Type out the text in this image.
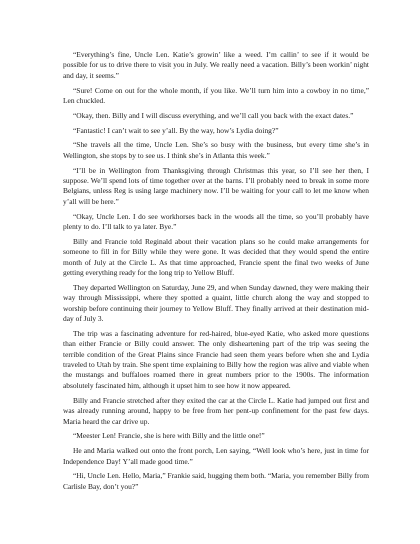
“Everything’s fine, Uncle Len. Katie’s growin’ like a weed. I’m callin’ to see if it would be possible for us to drive there to visit you in July. We really need a vacation. Billy’s been workin’ night and day, it seems.”

“Sure! Come on out for the whole month, if you like. We’ll turn him into a cowboy in no time,” Len chuckled.

“Okay, then. Billy and I will discuss everything, and we’ll call you back with the exact dates.”

“Fantastic! I can’t wait to see y’all. By the way, how’s Lydia doing?”

“She travels all the time, Uncle Len. She’s so busy with the business, but every time she’s in Wellington, she stops by to see us. I think she’s in Atlanta this week.”

“I’ll be in Wellington from Thanksgiving through Christmas this year, so I’ll see her then, I suppose. We’ll spend lots of time together over at the barns. I’ll probably need to break in some more Belgians, unless Reg is using large machinery now. I’ll be waiting for your call to let me know when y’all will be here.”

“Okay, Uncle Len. I do see workhorses back in the woods all the time, so you’ll probably have plenty to do. I’ll talk to ya later. Bye.”

Billy and Francie told Reginald about their vacation plans so he could make arrangements for someone to fill in for Billy while they were gone. It was decided that they would spend the entire month of July at the Circle L. As that time approached, Francie spent the final two weeks of June getting everything ready for the long trip to Yellow Bluff.

They departed Wellington on Saturday, June 29, and when Sunday dawned, they were making their way through Mississippi, where they spotted a quaint, little church along the way and stopped to worship before continuing their journey to Yellow Bluff. They finally arrived at their destination mid-day of July 3.

The trip was a fascinating adventure for red-haired, blue-eyed Katie, who asked more questions than either Francie or Billy could answer. The only disheartening part of the trip was seeing the terrible condition of the Great Plains since Francie had seen them years before when she and Lydia traveled to Utah by train. She spent time explaining to Billy how the region was alive and viable when the mustangs and buffaloes roamed there in great numbers prior to the 1900s. The information absolutely fascinated him, although it upset him to see how it now appeared.

Billy and Francie stretched after they exited the car at the Circle L. Katie had jumped out first and was already running around, happy to be free from her pent-up confinement for the past few days. Maria heard the car drive up.

“Meester Len! Francie, she is here with Billy and the little one!”

He and Maria walked out onto the front porch, Len saying, “Well look who’s here, just in time for Independence Day! Y’all made good time.”

“Hi, Uncle Len. Hello, Maria,” Frankie said, hugging them both. “Maria, you remember Billy from Carlisle Bay, don’t you?”
